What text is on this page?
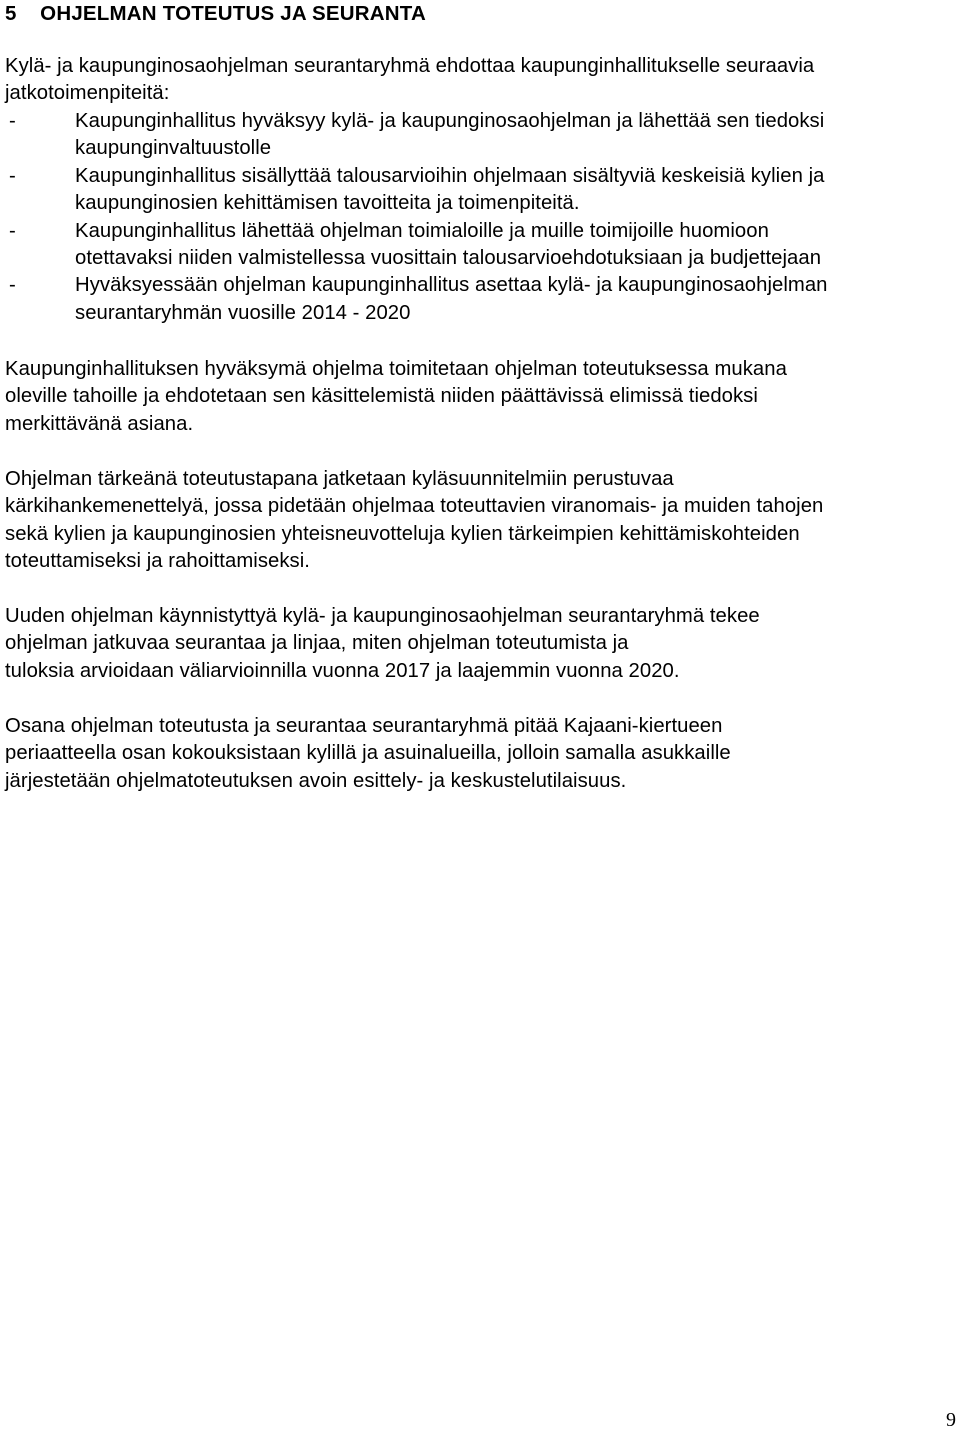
5    OHJELMAN TOTEUTUS JA SEURANTA
Kylä- ja kaupunginosaohjelman seurantaryhmä ehdottaa kaupunginhallitukselle seuraavia
jatkotoimenpiteitä:
-	Kaupunginhallitus hyväksyy kylä- ja kaupunginosaohjelman ja lähettää sen tiedoksi
kaupunginvaltuustolle
-	Kaupunginhallitus sisällyttää talousarvioihin ohjelmaan sisältyviä keskeisiä kylien ja
kaupunginosien kehittämisen tavoitteita ja toimenpiteitä.
-	Kaupunginhallitus lähettää ohjelman toimialoille ja muille toimijoille huomioon
otettavaksi niiden valmistellessa vuosittain talousarvioehdotuksiaan ja budjettejaan
-	Hyväksyessään ohjelman kaupunginhallitus asettaa kylä- ja kaupunginosaohjelman
seurantaryhmän vuosille 2014 - 2020
Kaupunginhallituksen hyväksymä ohjelma toimitetaan ohjelman toteutuksessa mukana
oleville tahoille ja ehdotetaan sen käsittelemistä niiden päättävissä elimissä tiedoksi
merkittävänä asiana.
Ohjelman tärkeänä toteutustapana jatketaan kyläsuunnitelmiin perustuvaa
kärkihankemenettelyä, jossa pidetään ohjelmaa toteuttavien viranomais- ja muiden tahojen
sekä kylien ja kaupunginosien yhteisneuvotteluja kylien tärkeimpien kehittämiskohteiden
toteuttamiseksi ja rahoittamiseksi.
Uuden ohjelman käynnistyttyä kylä- ja kaupunginosaohjelman seurantaryhmä tekee
ohjelman jatkuvaa seurantaa ja linjaa, miten ohjelman toteutumista ja
tuloksia arvioidaan väliarvioinnilla vuonna 2017 ja laajemmin vuonna 2020.
Osana ohjelman toteutusta ja seurantaa seurantaryhmä pitää Kajaani-kiertueen
periaatteella osan kokouksistaan kylillä ja asuinalueilla, jolloin samalla asukkaille
järjestetään ohjelmatoteutuksen avoin esittely- ja keskustelutilaisuus.
9
